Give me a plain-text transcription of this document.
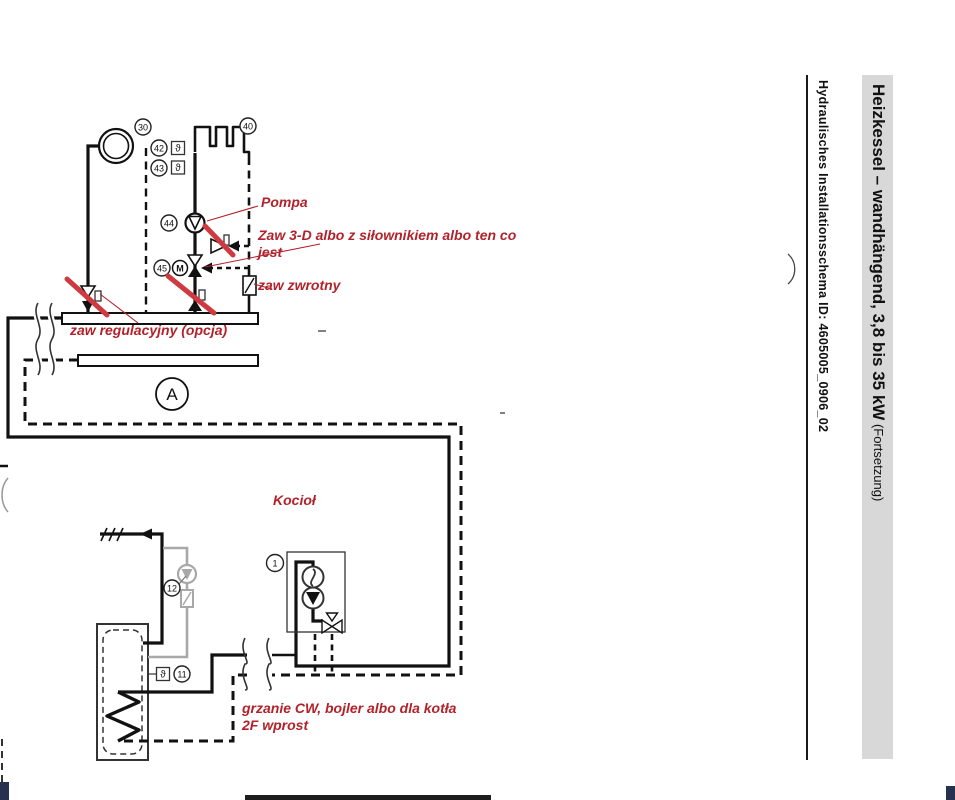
M
ϑ
ϑ
ϑ
A
30	40
42
43
44
45
12
11
1
Pompa
Zaw 3-D albo z siłownikiem albo ten co
jest
zaw zwrotny
zaw regulacyjny (opcja)
Kocioł
grzanie CW, bojler albo dla kotła
2F wprost
Hydraulisches Installationsschema ID: 4605005_0906_02 Heizkessel – wandhängend, 3,8 bis 35 kW (Fortsetzung)
